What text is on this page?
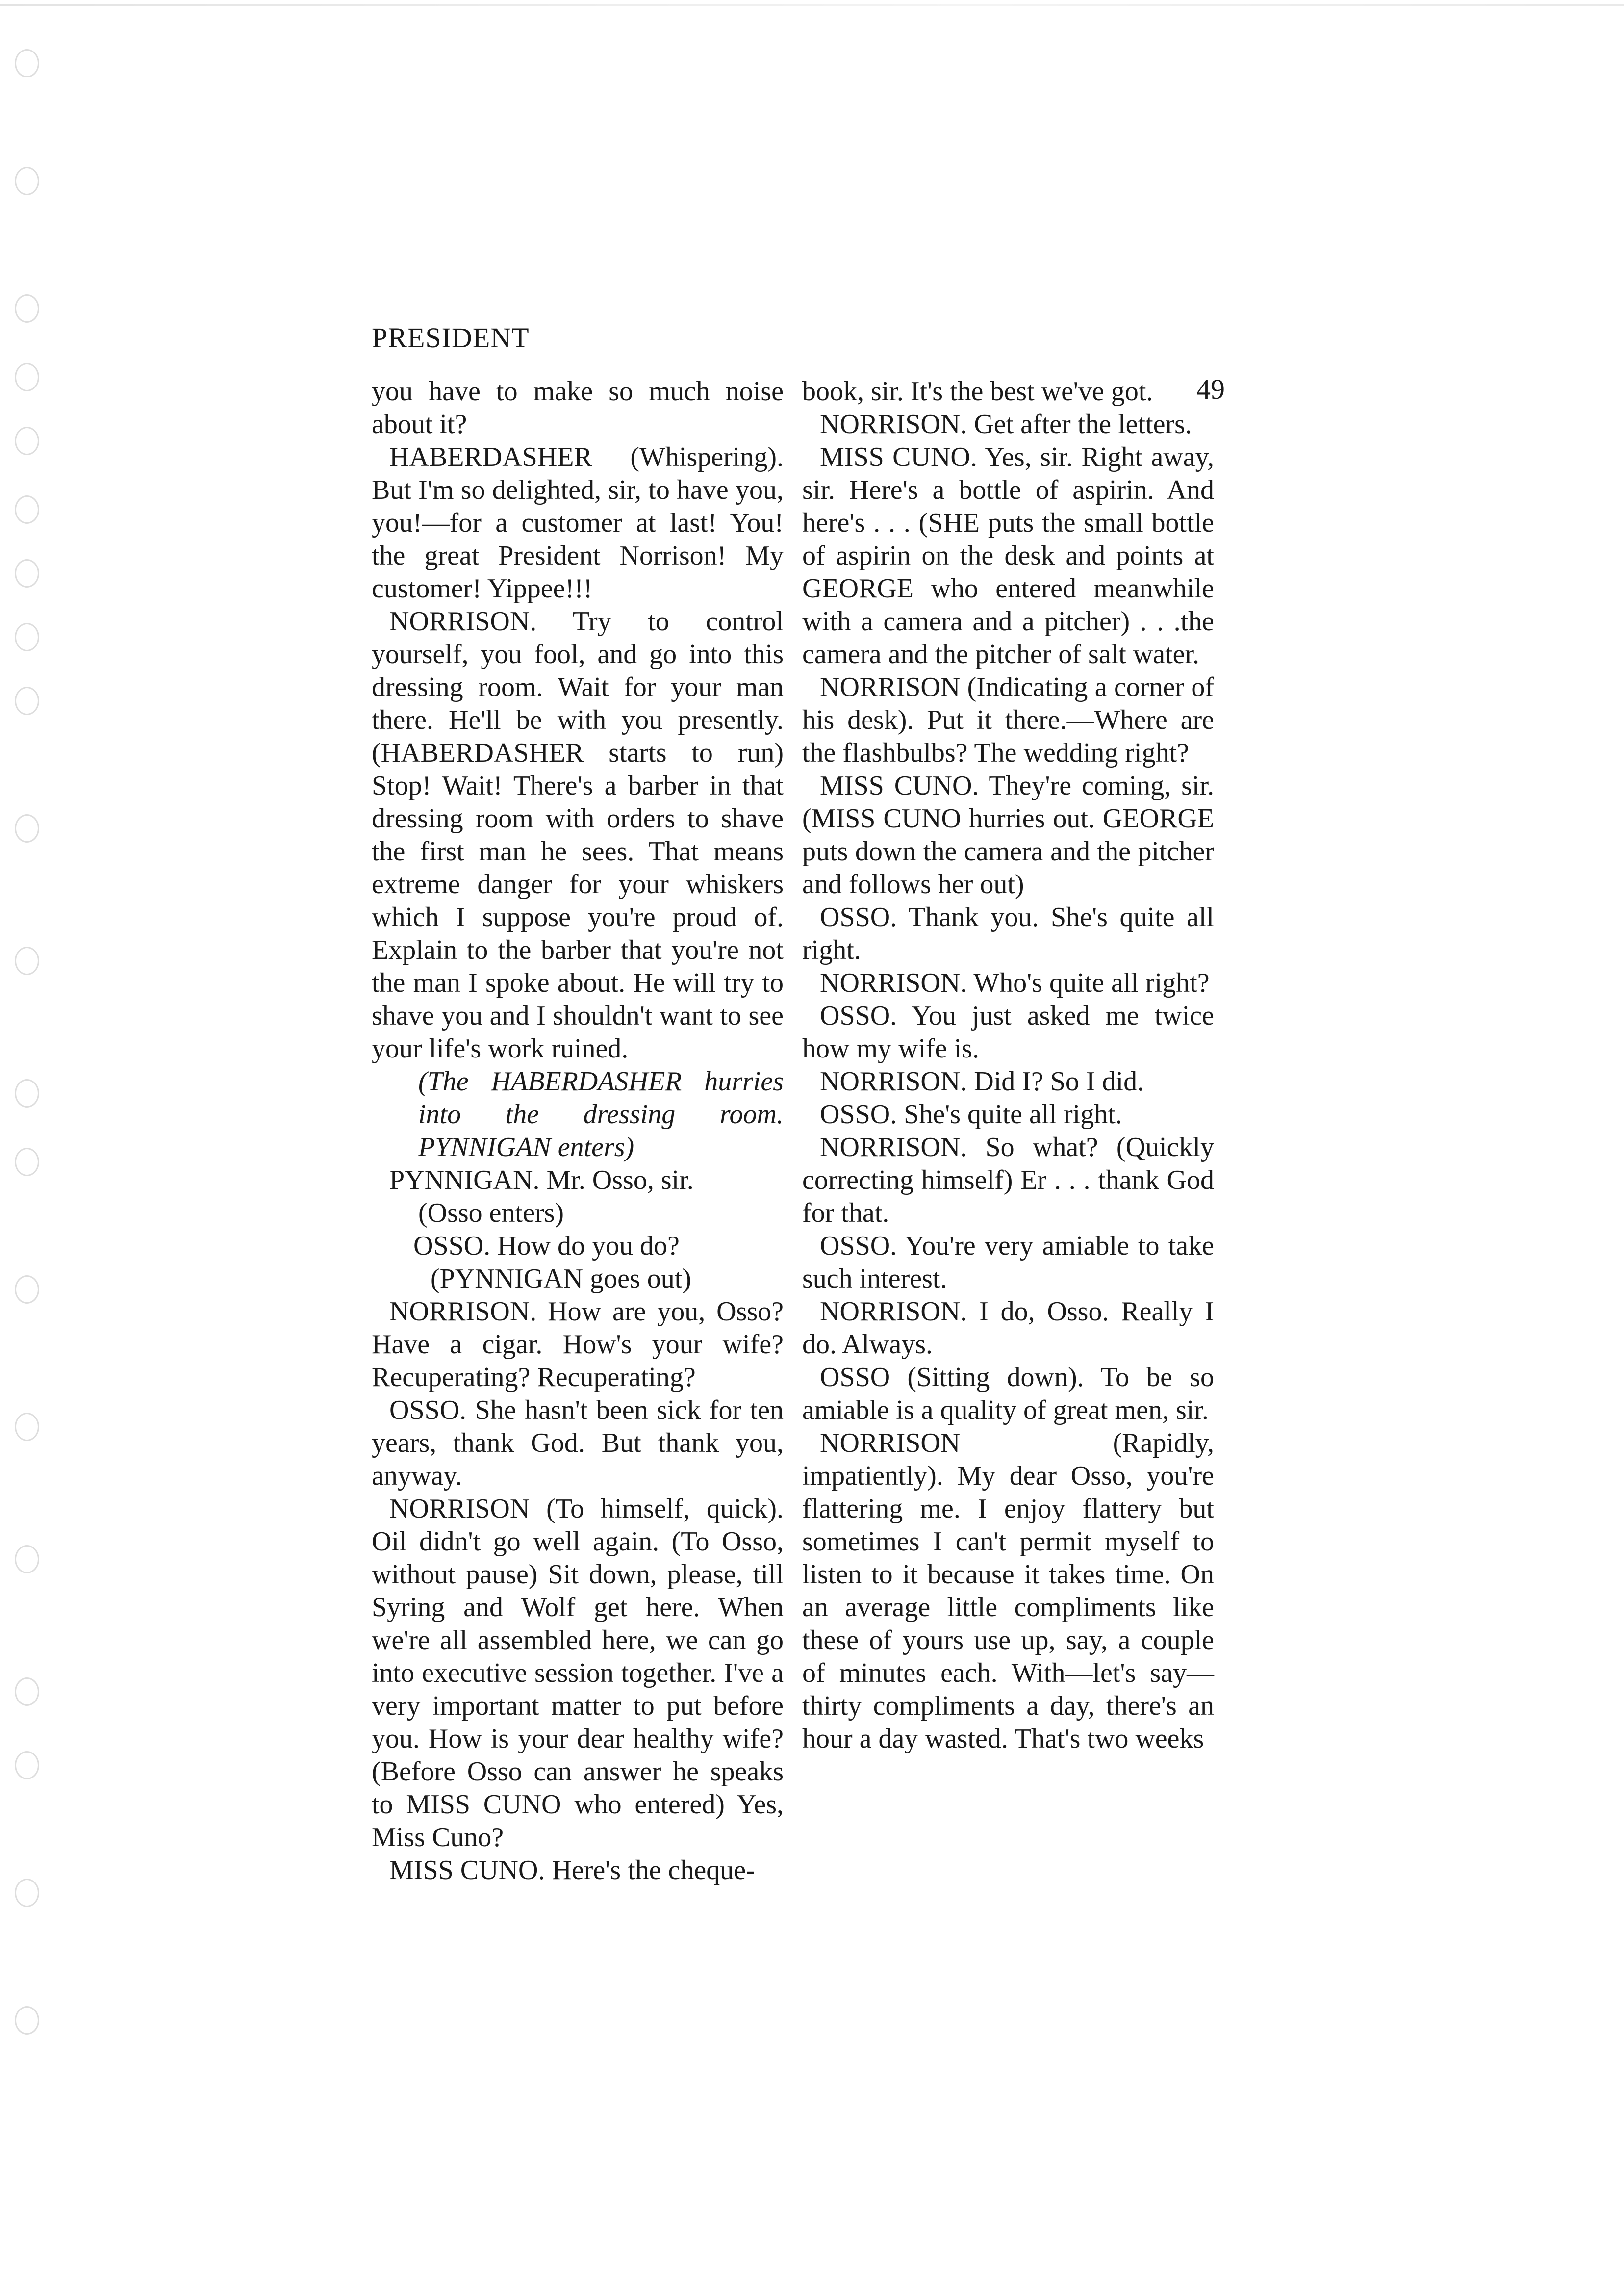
PRESIDENT
49

you have to make so much noise about it?

HABERDASHER (Whispering). But I'm so delighted, sir, to have you, you!—for a customer at last! You! the great President Norrison! My customer! Yippee!!!

NORRISON. Try to control yourself, you fool, and go into this dressing room. Wait for your man there. He'll be with you presently. (HABERDASHER starts to run) Stop! Wait! There's a barber in that dressing room with orders to shave the first man he sees. That means extreme danger for your whiskers which I suppose you're proud of. Explain to the barber that you're not the man I spoke about. He will try to shave you and I shouldn't want to see your life's work ruined.

(The HABERDASHER hurries into the dressing room. PYNNIGAN enters)

PYNNIGAN. Mr. Osso, sir.

(Osso enters)

OSSO. How do you do?

(PYNNIGAN goes out)

NORRISON. How are you, Osso? Have a cigar. How's your wife? Recuperating? Recuperating?

OSSO. She hasn't been sick for ten years, thank God. But thank you, anyway.

NORRISON (To himself, quick). Oil didn't go well again. (To Osso, without pause) Sit down, please, till Syring and Wolf get here. When we're all assembled here, we can go into executive session together. I've a very important matter to put before you. How is your dear healthy wife? (Before Osso can answer he speaks to MISS CUNO who entered) Yes, Miss Cuno?

MISS CUNO. Here's the cheque-

book, sir. It's the best we've got.

NORRISON. Get after the letters.

MISS CUNO. Yes, sir. Right away, sir. Here's a bottle of aspirin. And here's . . . (SHE puts the small bottle of aspirin on the desk and points at GEORGE who entered meanwhile with a camera and a pitcher) . . .the camera and the pitcher of salt water.

NORRISON (Indicating a corner of his desk). Put it there.—Where are the flashbulbs? The wedding right?

MISS CUNO. They're coming, sir. (MISS CUNO hurries out. GEORGE puts down the camera and the pitcher and follows her out)

OSSO. Thank you. She's quite all right.

NORRISON. Who's quite all right?

OSSO. You just asked me twice how my wife is.

NORRISON. Did I? So I did.

OSSO. She's quite all right.

NORRISON. So what? (Quickly correcting himself) Er . . . thank God for that.

OSSO. You're very amiable to take such interest.

NORRISON. I do, Osso. Really I do. Always.

OSSO (Sitting down). To be so amiable is a quality of great men, sir.

NORRISON (Rapidly, impatiently). My dear Osso, you're flattering me. I enjoy flattery but sometimes I can't permit myself to listen to it because it takes time. On an average little compliments like these of yours use up, say, a couple of minutes each. With—let's say—thirty compliments a day, there's an hour a day wasted. That's two weeks
